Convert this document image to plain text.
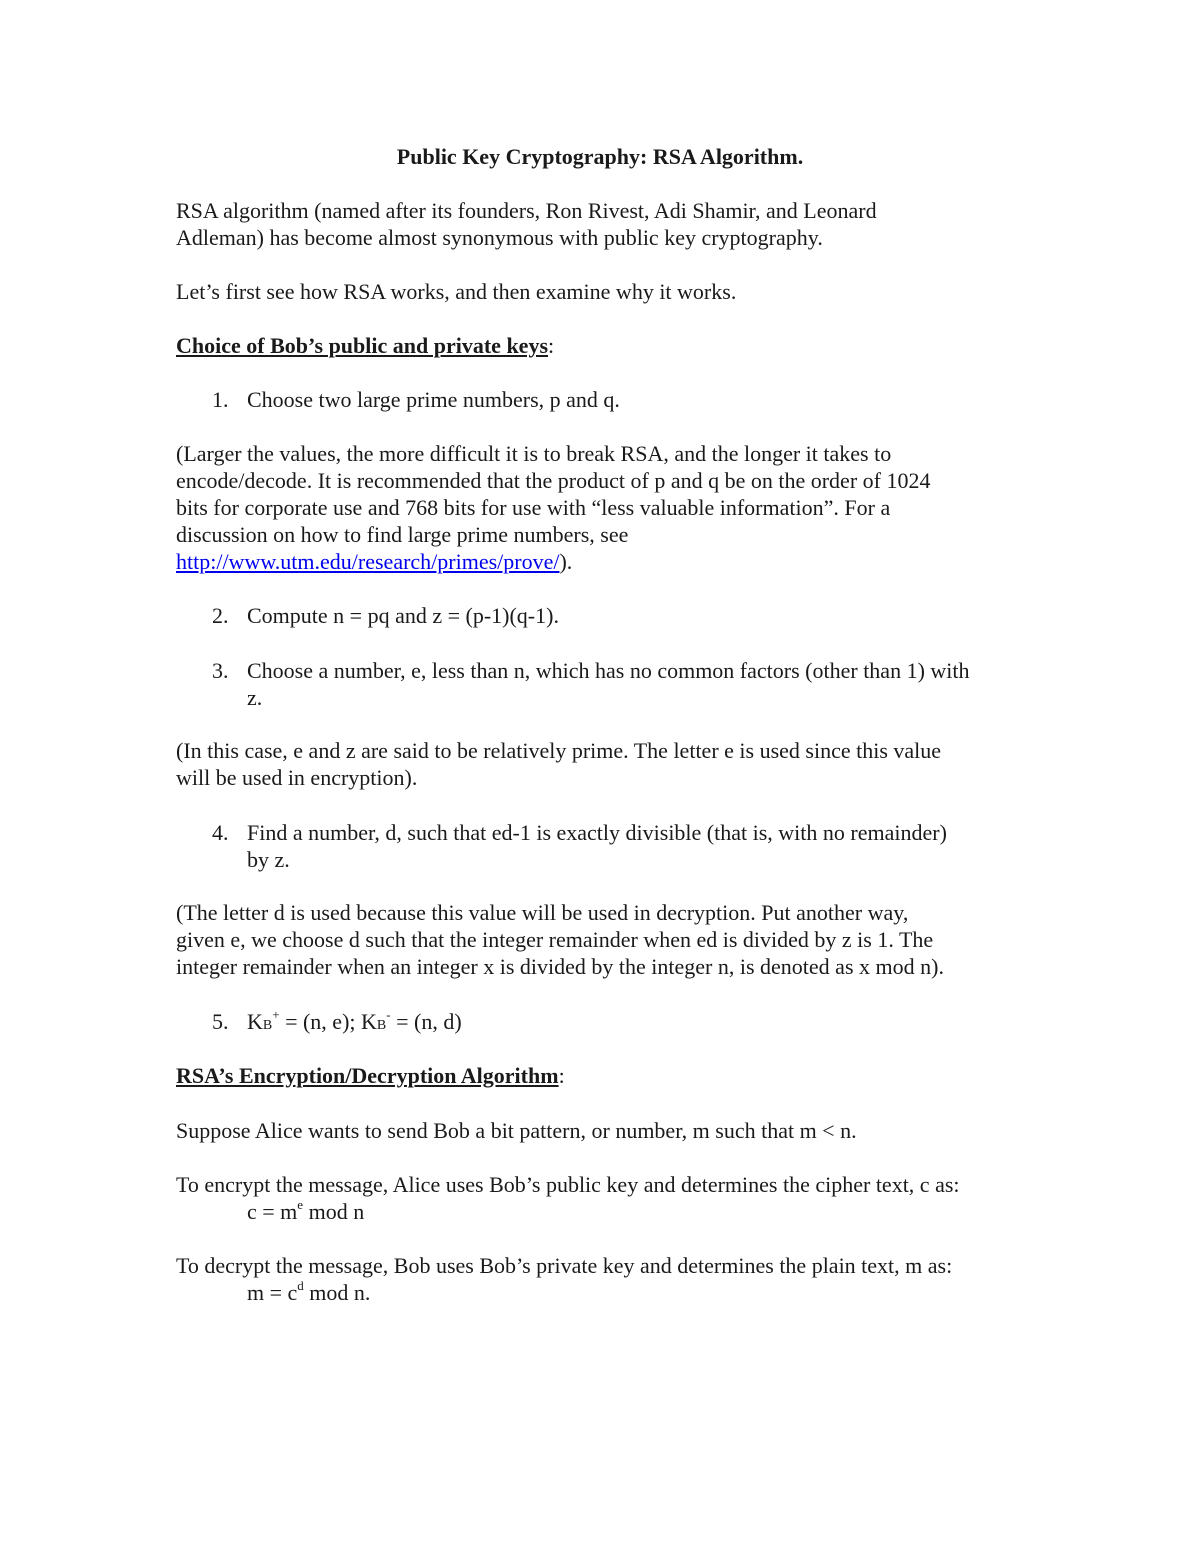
Public Key Cryptography: RSA Algorithm.
RSA algorithm (named after its founders, Ron Rivest, Adi Shamir, and Leonard
Adleman) has become almost synonymous with public key cryptography.
Let’s first see how RSA works, and then examine why it works.
Choice of Bob’s public and private keys:
1. Choose two large prime numbers, p and q.
(Larger the values, the more difficult it is to break RSA, and the longer it takes to
encode/decode. It is recommended that the product of p and q be on the order of 1024
bits for corporate use and 768 bits for use with “less valuable information”. For a
discussion on how to find large prime numbers, see
http://www.utm.edu/research/primes/prove/).
2. Compute n = pq and z = (p-1)(q-1).
3. Choose a number, e, less than n, which has no common factors (other than 1) with
z.
(In this case, e and z are said to be relatively prime. The letter e is used since this value
will be used in encryption).
4. Find a number, d, such that ed-1 is exactly divisible (that is, with no remainder)
by z.
(The letter d is used because this value will be used in decryption. Put another way,
given e, we choose d such that the integer remainder when ed is divided by z is 1. The
integer remainder when an integer x is divided by the integer n, is denoted as x mod n).
5. KB+ = (n, e); KB- = (n, d)
RSA’s Encryption/Decryption Algorithm:
Suppose Alice wants to send Bob a bit pattern, or number, m such that m < n.
To encrypt the message, Alice uses Bob’s public key and determines the cipher text, c as:
$c = m^e$ mod n
To decrypt the message, Bob uses Bob’s private key and determines the plain text, m as:
$m = c^d$ mod n.
